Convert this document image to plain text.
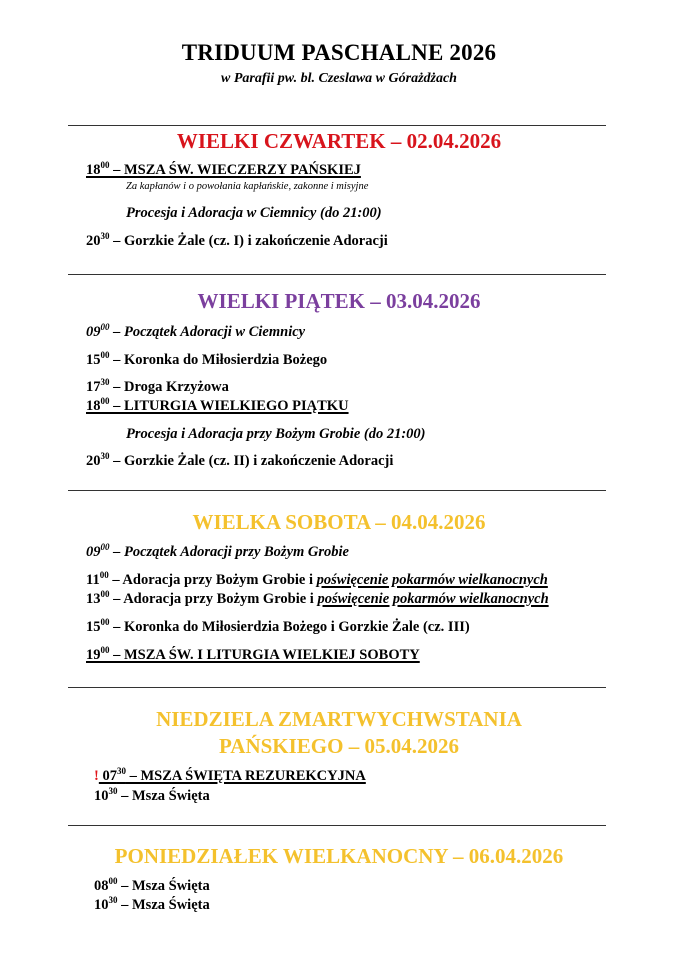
TRIDUUM PASCHALNE 2026
w Parafii pw. bl. Czeslawa w Górażdżach
WIELKI CZWARTEK – 02.04.2026
$18^{00}$ – MSZA ŚW. WIECZERZY PAŃSKIEJ
Za kapłanów i o powołania kapłańskie, zakonne i misyjne
Procesja i Adoracja w Ciemnicy (do 21:00)
$20^{30}$ – Gorzkie Żale (cz. I) i zakończenie Adoracji
WIELKI PIĄTEK – 03.04.2026
$09^{00}$ – Początek Adoracji w Ciemnicy
$15^{00}$ – Koronka do Miłosierdzia Bożego
$17^{30}$ – Droga Krzyżowa
$18^{00}$ – LITURGIA WIELKIEGO PIĄTKU
Procesja i Adoracja przy Bożym Grobie (do 21:00)
$20^{30}$ – Gorzkie Żale (cz. II) i zakończenie Adoracji
WIELKA SOBOTA – 04.04.2026
$09^{00}$ – Początek Adoracji przy Bożym Grobie
$11^{00}$ – Adoracja przy Bożym Grobie i poświęcenie pokarmów wielkanocnych
$13^{00}$ – Adoracja przy Bożym Grobie i poświęcenie pokarmów wielkanocnych
$15^{00}$ – Koronka do Miłosierdzia Bożego i Gorzkie Żale (cz. III)
$19^{00}$ – MSZA ŚW. I LITURGIA WIELKIEJ SOBOTY
NIEDZIELA ZMARTWYCHWSTANIA
PAŃSKIEGO – 05.04.2026
! $07^{30}$ – MSZA ŚWIĘTA REZUREKCYJNA
$10^{30}$ – Msza Święta
PONIEDZIAŁEK WIELKANOCNY – 06.04.2026
$08^{00}$ – Msza Święta
$10^{30}$ – Msza Święta
